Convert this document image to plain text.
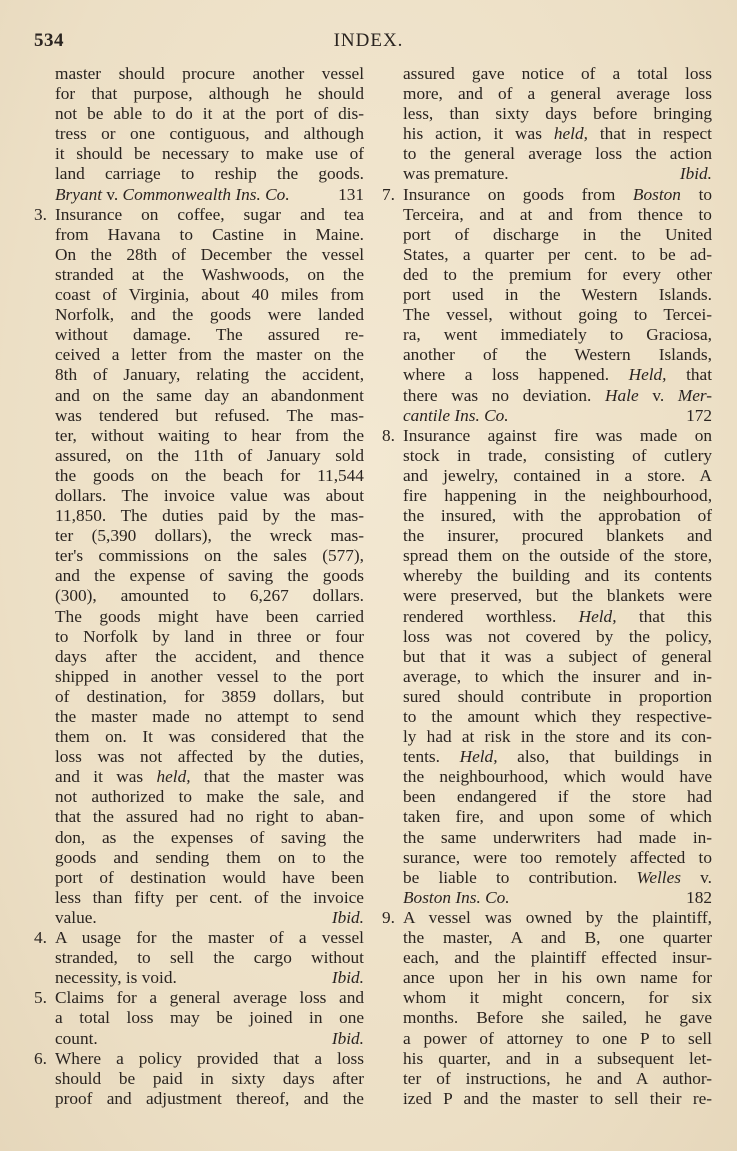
534	INDEX.
master should procure another vessel
for that purpose, although he should
not be able to do it at the port of dis-
tress or one contiguous, and although
it should be necessary to make use of
land carriage to reship the goods.
Bryant v. Commonwealth Ins. Co.	131
3. Insurance on coffee, sugar and tea
from Havana to Castine in Maine.
On the 28th of December the vessel
stranded at the Washwoods, on the
coast of Virginia, about 40 miles from
Norfolk, and the goods were landed
without damage. The assured re-
ceived a letter from the master on the
8th of January, relating the accident,
and on the same day an abandonment
was tendered but refused. The mas-
ter, without waiting to hear from the
assured, on the 11th of January sold
the goods on the beach for 11,544
dollars. The invoice value was about
11,850. The duties paid by the mas-
ter (5,390 dollars), the wreck mas-
ter's commissions on the sales (577),
and the expense of saving the goods
(300), amounted to 6,267 dollars.
The goods might have been carried
to Norfolk by land in three or four
days after the accident, and thence
shipped in another vessel to the port
of destination, for 3859 dollars, but
the master made no attempt to send
them on. It was considered that the
loss was not affected by the duties,
and it was held, that the master was
not authorized to make the sale, and
that the assured had no right to aban-
don, as the expenses of saving the
goods and sending them on to the
port of destination would have been
less than fifty per cent. of the invoice
value.	Ibid.
4. A usage for the master of a vessel
stranded, to sell the cargo without
necessity, is void.	Ibid.
5. Claims for a general average loss and
a total loss may be joined in one
count.	Ibid.
6. Where a policy provided that a loss
should be paid in sixty days after
proof and adjustment thereof, and the
assured gave notice of a total loss
more, and of a general average loss
less, than sixty days before bringing
his action, it was held, that in respect
to the general average loss the action
was premature.	Ibid.
7. Insurance on goods from Boston to
Terceira, and at and from thence to
port of discharge in the United
States, a quarter per cent. to be ad-
ded to the premium for every other
port used in the Western Islands.
The vessel, without going to Tercei-
ra, went immediately to Graciosa,
another of the Western Islands,
where a loss happened. Held, that
there was no deviation. Hale v. Mer-
cantile Ins. Co.	172
8. Insurance against fire was made on
stock in trade, consisting of cutlery
and jewelry, contained in a store. A
fire happening in the neighbourhood,
the insured, with the approbation of
the insurer, procured blankets and
spread them on the outside of the store,
whereby the building and its contents
were preserved, but the blankets were
rendered worthless. Held, that this
loss was not covered by the policy,
but that it was a subject of general
average, to which the insurer and in-
sured should contribute in proportion
to the amount which they respective-
ly had at risk in the store and its con-
tents. Held, also, that buildings in
the neighbourhood, which would have
been endangered if the store had
taken fire, and upon some of which
the same underwriters had made in-
surance, were too remotely affected to
be liable to contribution. Welles v.
Boston Ins. Co.	182
9. A vessel was owned by the plaintiff,
the master, A and B, one quarter
each, and the plaintiff effected insur-
ance upon her in his own name for
whom it might concern, for six
months. Before she sailed, he gave
a power of attorney to one P to sell
his quarter, and in a subsequent let-
ter of instructions, he and A author-
ized P and the master to sell their re-
